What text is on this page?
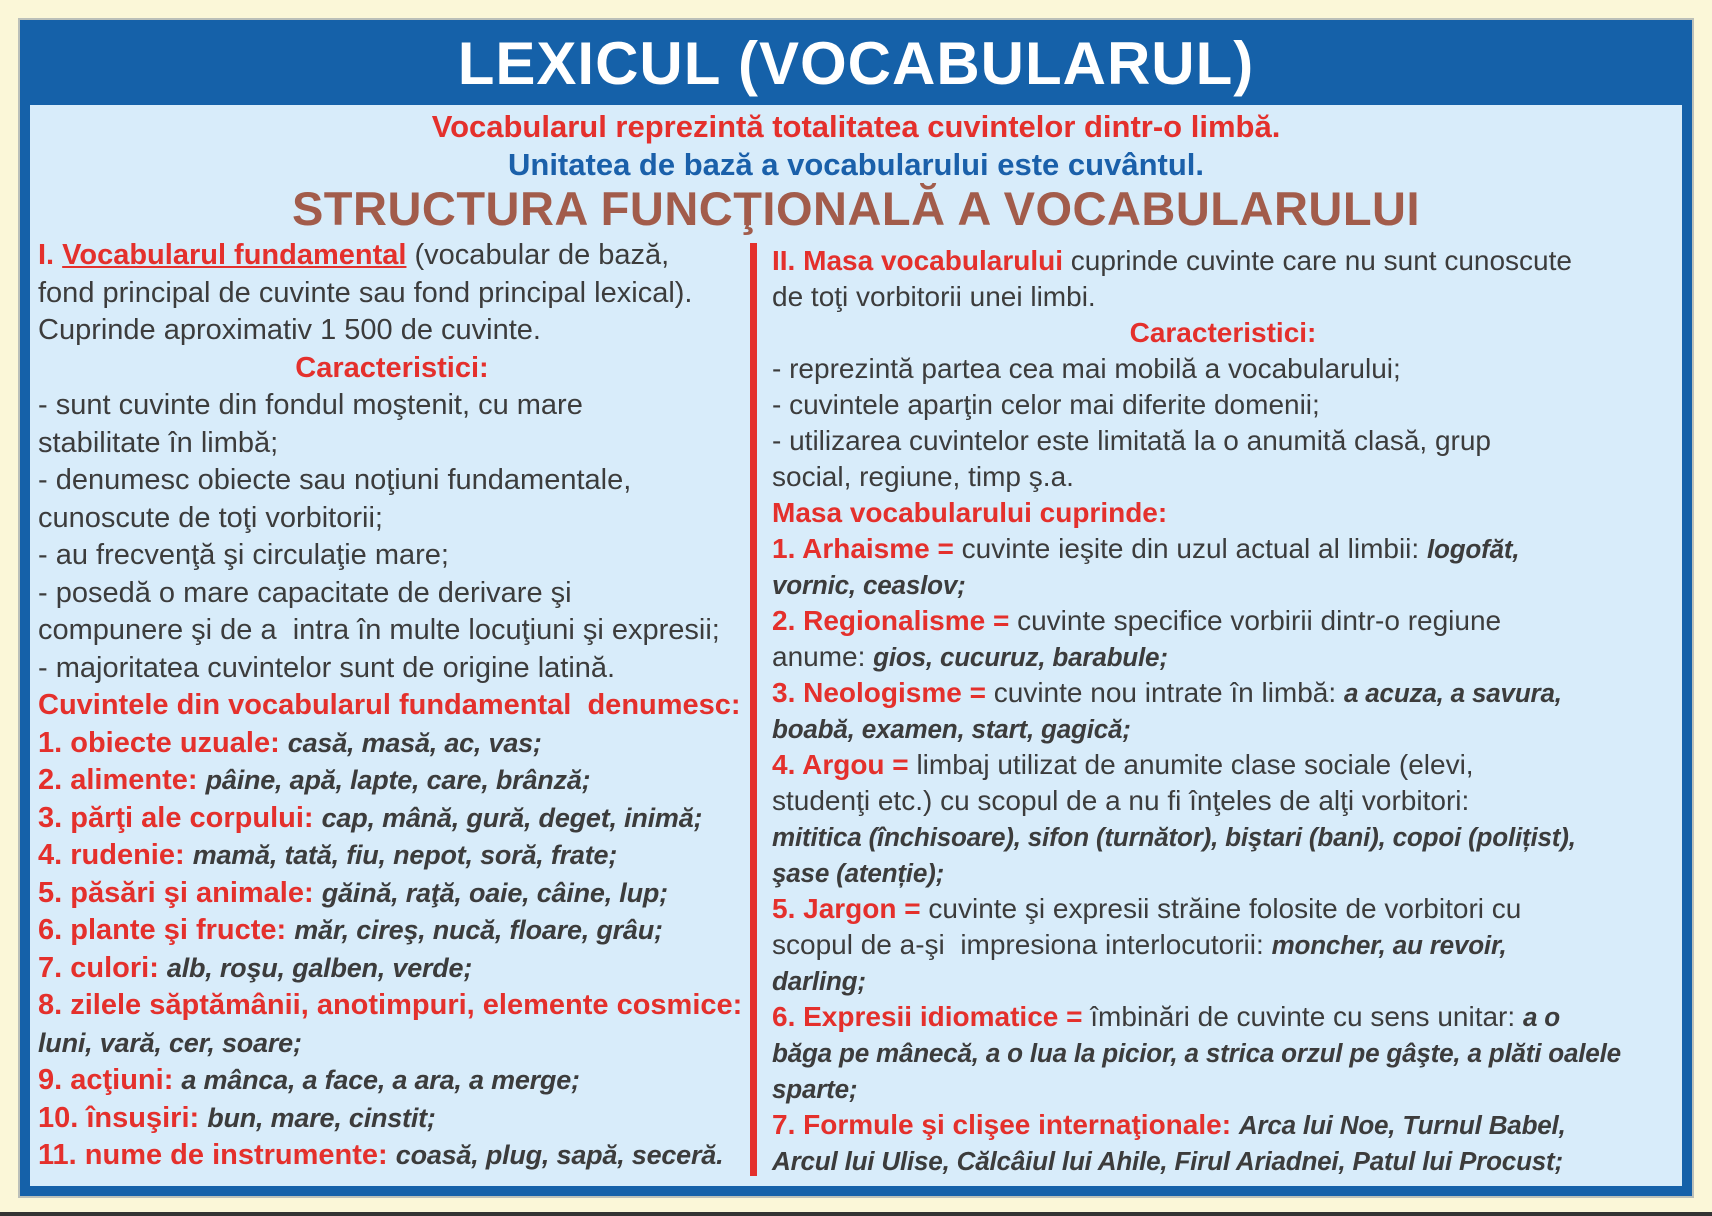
LEXICUL (VOCABULARUL)
Vocabularul reprezintă totalitatea cuvintelor dintr-o limbă.
Unitatea de bază a vocabularului este cuvântul.
STRUCTURA FUNCŢIONALĂ A VOCABULARULUI
I. Vocabularul fundamental (vocabular de bază,
fond principal de cuvinte sau fond principal lexical).
Cuprinde aproximativ 1 500 de cuvinte.
Caracteristici:
- sunt cuvinte din fondul moştenit, cu mare
stabilitate în limbă;
- denumesc obiecte sau noţiuni fundamentale,
cunoscute de toţi vorbitorii;
- au frecvenţă şi circulaţie mare;
- posedă o mare capacitate de derivare şi
compunere şi de a  intra în multe locuţiuni şi expresii;
- majoritatea cuvintelor sunt de origine latină.
Cuvintele din vocabularul fundamental  denumesc:
1. obiecte uzuale: casă, masă, ac, vas;
2. alimente: pâine, apă, lapte, care, brânză;
3. părţi ale corpului: cap, mână, gură, deget, inimă;
4. rudenie: mamă, tată, fiu, nepot, soră, frate;
5. păsări şi animale: găină, raţă, oaie, câine, lup;
6. plante şi fructe: măr, cireş, nucă, floare, grâu;
7. culori: alb, roşu, galben, verde;
8. zilele săptămânii, anotimpuri, elemente cosmice:
luni, vară, cer, soare;
9. acţiuni: a mânca, a face, a ara, a merge;
10. însuşiri: bun, mare, cinstit;
11. nume de instrumente: coasă, plug, sapă, seceră.
II. Masa vocabularului cuprinde cuvinte care nu sunt cunoscute
de toţi vorbitorii unei limbi.
Caracteristici:
- reprezintă partea cea mai mobilă a vocabularului;
- cuvintele aparţin celor mai diferite domenii;
- utilizarea cuvintelor este limitată la o anumită clasă, grup
social, regiune, timp ş.a.
Masa vocabularului cuprinde:
1. Arhaisme = cuvinte ieşite din uzul actual al limbii: logofăt,
vornic, ceaslov;
2. Regionalisme = cuvinte specifice vorbirii dintr-o regiune
anume: gios, cucuruz, barabule;
3. Neologisme = cuvinte nou intrate în limbă: a acuza, a savura,
boabă, examen, start, gagică;
4. Argou = limbaj utilizat de anumite clase sociale (elevi,
studenţi etc.) cu scopul de a nu fi înţeles de alţi vorbitori:
mititica (închisoare), sifon (turnător), biştari (bani), copoi (polițist),
şase (atenție);
5. Jargon = cuvinte şi expresii străine folosite de vorbitori cu
scopul de a-şi  impresiona interlocutorii: moncher, au revoir,
darling;
6. Expresii idiomatice = îmbinări de cuvinte cu sens unitar: a o
băga pe mânecă, a o lua la picior, a strica orzul pe gâşte, a plăti oalele
sparte;
7. Formule şi clişee internaţionale: Arca lui Noe, Turnul Babel,
Arcul lui Ulise, Călcâiul lui Ahile, Firul Ariadnei, Patul lui Procust;
